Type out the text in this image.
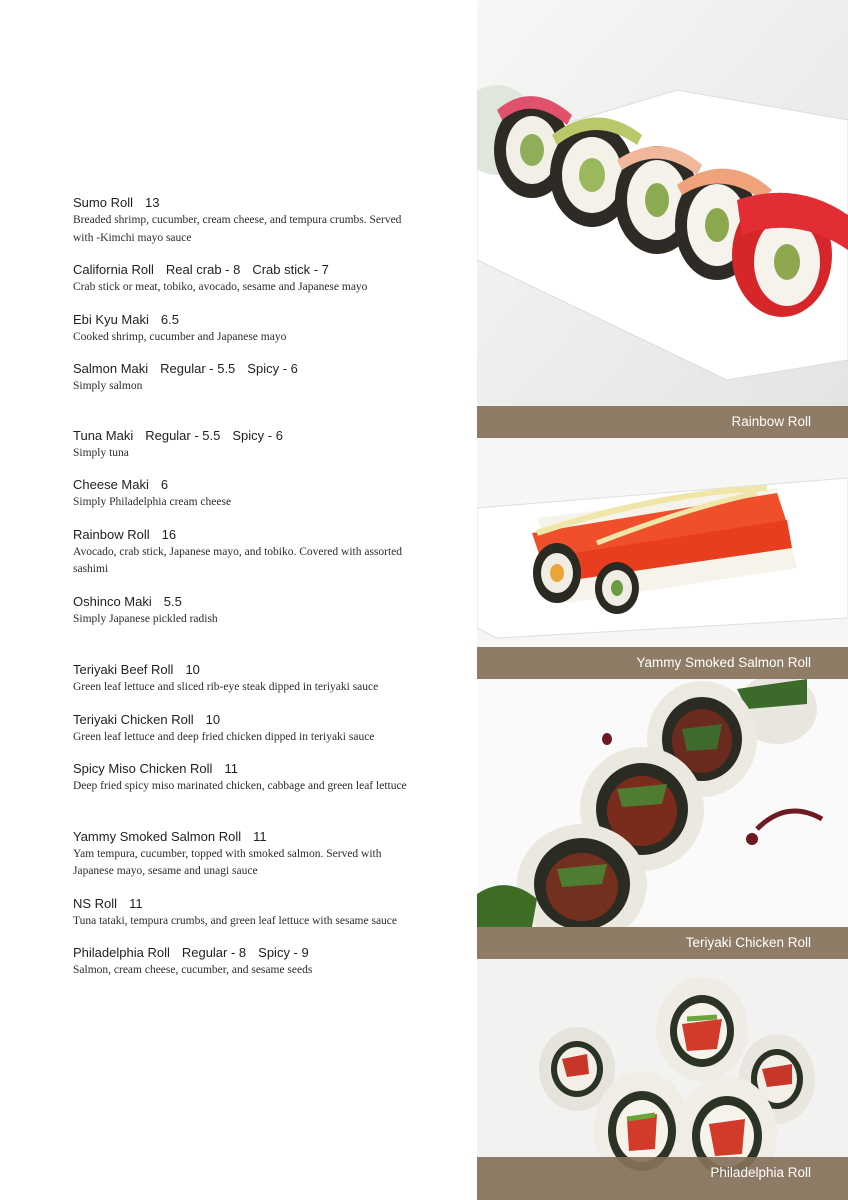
Sumo Roll 13
Breaded shrimp, cucumber, cream cheese, and tempura crumbs. Served with -Kimchi mayo sauce
California Roll Real crab - 8 Crab stick - 7
Crab stick or meat, tobiko, avocado, sesame and Japanese mayo
Ebi Kyu Maki 6.5
Cooked shrimp, cucumber and Japanese mayo
Salmon Maki Regular - 5.5 Spicy - 6
Simply salmon
Tuna Maki Regular - 5.5 Spicy - 6
Simply tuna
Cheese Maki 6
Simply Philadelphia cream cheese
Rainbow Roll 16
Avocado, crab stick, Japanese mayo, and tobiko. Covered with assorted sashimi
Oshinco Maki 5.5
Simply Japanese pickled radish
Teriyaki Beef Roll 10
Green leaf lettuce and sliced rib-eye steak dipped in teriyaki sauce
Teriyaki Chicken Roll 10
Green leaf lettuce and deep fried chicken dipped in teriyaki sauce
Spicy Miso Chicken Roll 11
Deep fried spicy miso marinated chicken, cabbage and green leaf lettuce
Yammy Smoked Salmon Roll 11
Yam tempura, cucumber, topped with smoked salmon. Served with Japanese mayo, sesame and unagi sauce
NS Roll 11
Tuna tataki, tempura crumbs, and green leaf lettuce with sesame sauce
Philadelphia Roll Regular - 8 Spicy - 9
Salmon, cream cheese, cucumber, and sesame seeds
Rainbow Roll
Yammy Smoked Salmon Roll
Teriyaki Chicken Roll
Philadelphia Roll
